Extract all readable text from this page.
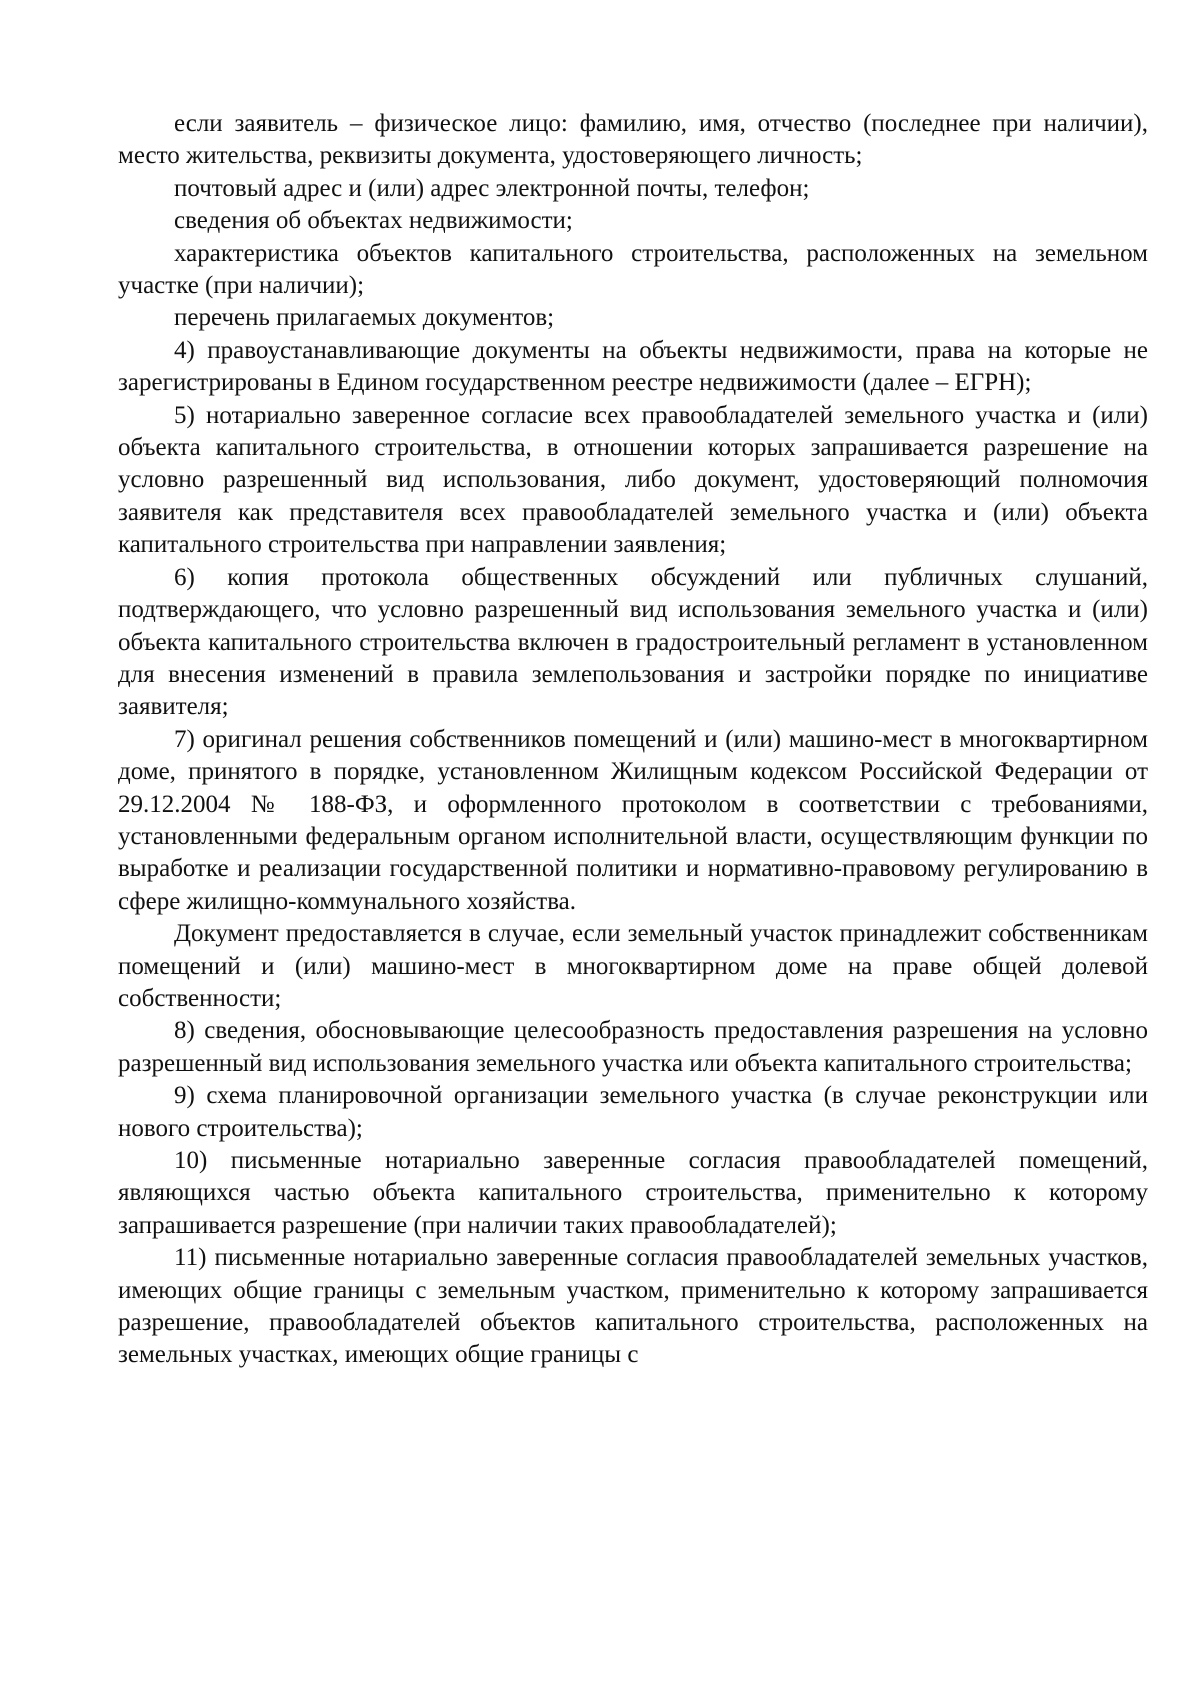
если заявитель – физическое лицо: фамилию, имя, отчество (последнее при наличии), место жительства, реквизиты документа, удостоверяющего личность;

почтовый адрес и (или) адрес электронной почты, телефон;

сведения об объектах недвижимости;

характеристика объектов капитального строительства, расположенных на земельном участке (при наличии);

перечень прилагаемых документов;

4) правоустанавливающие документы на объекты недвижимости, права на которые не зарегистрированы в Едином государственном реестре недвижимости (далее – ЕГРН);

5) нотариально заверенное согласие всех правообладателей земельного участка и (или) объекта капитального строительства, в отношении которых запрашивается разрешение на условно разрешенный вид использования, либо документ, удостоверяющий полномочия заявителя как представителя всех правообладателей земельного участка и (или) объекта капитального строительства при направлении заявления;

6) копия протокола общественных обсуждений или публичных слушаний, подтверждающего, что условно разрешенный вид использования земельного участка и (или) объекта капитального строительства включен в градостроительный регламент в установленном для внесения изменений в правила землепользования и застройки порядке по инициативе заявителя;

7) оригинал решения собственников помещений и (или) машино-мест в многоквартирном доме, принятого в порядке, установленном Жилищным кодексом Российской Федерации от 29.12.2004 № 188-ФЗ, и оформленного протоколом в соответствии с требованиями, установленными федеральным органом исполнительной власти, осуществляющим функции по выработке и реализации государственной политики и нормативно-правовому регулированию в сфере жилищно-коммунального хозяйства.

Документ предоставляется в случае, если земельный участок принадлежит собственникам помещений и (или) машино-мест в многоквартирном доме на праве общей долевой собственности;

8) сведения, обосновывающие целесообразность предоставления разрешения на условно разрешенный вид использования земельного участка или объекта капитального строительства;

9) схема планировочной организации земельного участка (в случае реконструкции или нового строительства);

10) письменные нотариально заверенные согласия правообладателей помещений, являющихся частью объекта капитального строительства, применительно к которому запрашивается разрешение (при наличии таких правообладателей);

11) письменные нотариально заверенные согласия правообладателей земельных участков, имеющих общие границы с земельным участком, применительно к которому запрашивается разрешение, правообладателей объектов капитального строительства, расположенных на земельных участках, имеющих общие границы с
